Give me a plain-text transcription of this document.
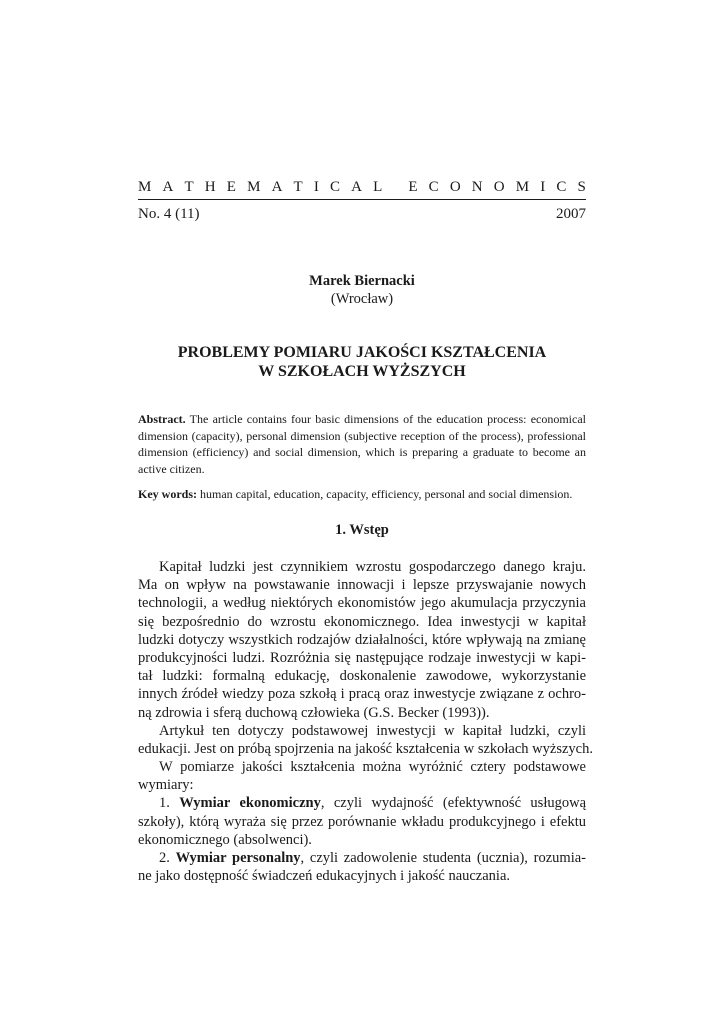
M A T H E M A T I C A L
E C O N O M I C S
No. 4 (11)	2007
Marek Biernacki
(Wrocław)
PROBLEMY POMIARU JAKOŚCI KSZTAŁCENIA
W SZKOŁACH WYŻSZYCH
Abstract. The article contains four basic dimensions of the education process: economical dimension (capacity), personal dimension (subjective reception of the process), professional dimension (efficiency) and social dimension, which is preparing a graduate to become an active citizen.
Key words: human capital, education, capacity, efficiency, personal and social dimension.
1. Wstęp
Kapitał ludzki jest czynnikiem wzrostu gospodarczego danego kraju.
Ma on wpływ na powstawanie innowacji i lepsze przyswajanie nowych
technologii, a według niektórych ekonomistów jego akumulacja przyczynia
się bezpośrednio do wzrostu ekonomicznego. Idea inwestycji w kapitał
ludzki dotyczy wszystkich rodzajów działalności, które wpływają na zmianę
produkcyjności ludzi. Rozróżnia się następujące rodzaje inwestycji w kapi-
tał ludzki: formalną edukację, doskonalenie zawodowe, wykorzystanie
innych źródeł wiedzy poza szkołą i pracą oraz inwestycje związane z ochro-
ną zdrowia i sferą duchową człowieka (G.S. Becker (1993)).
Artykuł ten dotyczy podstawowej inwestycji w kapitał ludzki, czyli
edukacji. Jest on próbą spojrzenia na jakość kształcenia w szkołach wyższych.
W pomiarze jakości kształcenia można wyróżnić cztery podstawowe
wymiary:
1. Wymiar ekonomiczny, czyli wydajność (efektywność usługową
szkoły), którą wyraża się przez porównanie wkładu produkcyjnego i efektu
ekonomicznego (absolwenci).
2. Wymiar personalny, czyli zadowolenie studenta (ucznia), rozumia-
ne jako dostępność świadczeń edukacyjnych i jakość nauczania.
